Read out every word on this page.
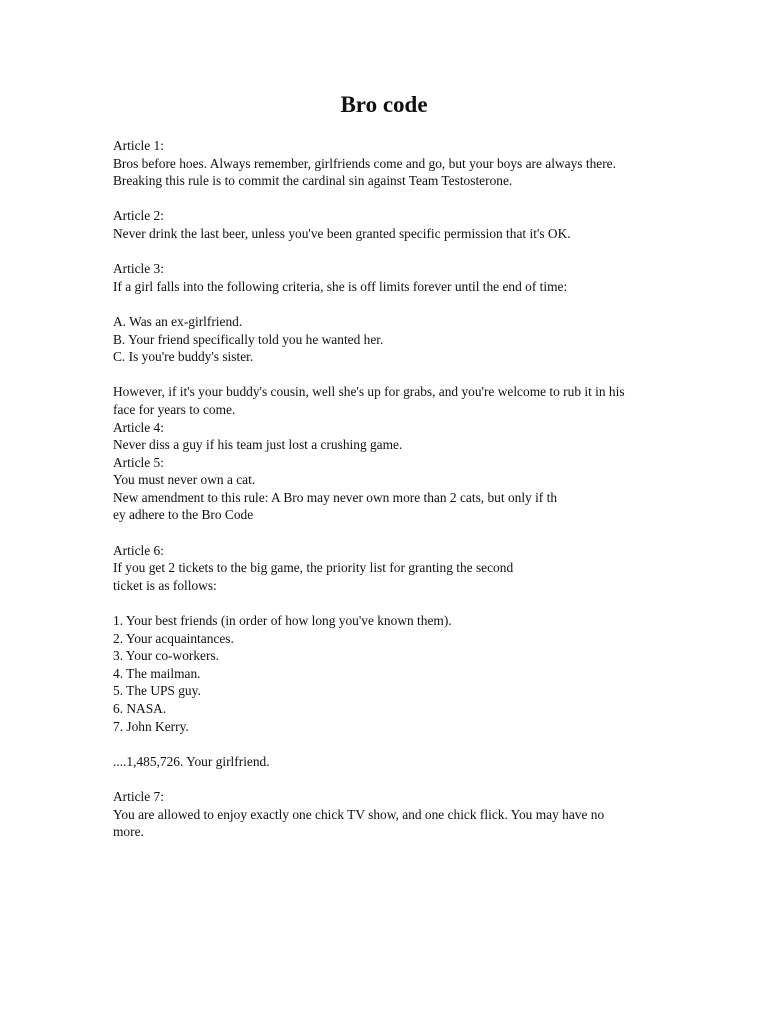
Bro code
Article 1:
Bros before hoes. Always remember, girlfriends come and go, but your boys are always there.
Breaking this rule is to commit the cardinal sin against Team Testosterone.
Article 2:
Never drink the last beer, unless you've been granted specific permission that it's OK.
Article 3:
If a girl falls into the following criteria, she is off limits forever until the end of time:
A. Was an ex-girlfriend.
B. Your friend specifically told you he wanted her.
C. Is you're buddy's sister.
However, if it's your buddy's cousin, well she's up for grabs, and you're welcome to rub it in his
face for years to come.
Article 4:
Never diss a guy if his team just lost a crushing game.
Article 5:
You must never own a cat.
New amendment to this rule: A Bro may never own more than 2 cats, but only if th
ey adhere to the Bro Code
Article 6:
If you get 2 tickets to the big game, the priority list for granting the second
ticket is as follows:
1. Your best friends (in order of how long you've known them).
2. Your acquaintances.
3. Your co-workers.
4. The mailman.
5. The UPS guy.
6. NASA.
7. John Kerry.
....1,485,726. Your girlfriend.
Article 7:
You are allowed to enjoy exactly one chick TV show, and one chick flick. You may have no
more.
